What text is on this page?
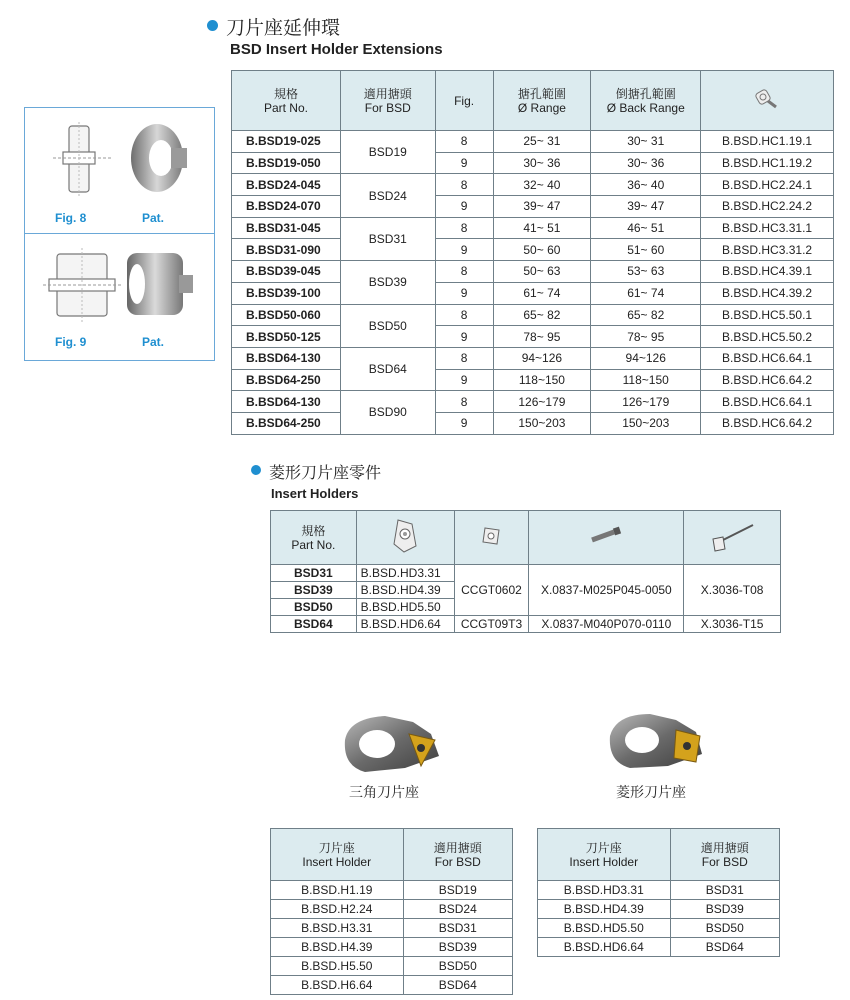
刀片座延伸環
BSD Insert Holder Extensions
Fig. 8	Pat.
Fig. 9	Pat.
規格
Part No.	適用搪頭
For BSD	Fig.	搪孔範圍
Ø Range	倒搪孔範圍
Ø Back Range	
B.BSD19-025	BSD19	8	25~ 31	30~ 31	B.BSD.HC1.19.1
B.BSD19-050		9	30~ 36	30~ 36	B.BSD.HC1.19.2
B.BSD24-045	BSD24	8	32~ 40	36~ 40	B.BSD.HC2.24.1
B.BSD24-070		9	39~ 47	39~ 47	B.BSD.HC2.24.2
B.BSD31-045	BSD31	8	41~ 51	46~ 51	B.BSD.HC3.31.1
B.BSD31-090		9	50~ 60	51~ 60	B.BSD.HC3.31.2
B.BSD39-045	BSD39	8	50~ 63	53~ 63	B.BSD.HC4.39.1
B.BSD39-100		9	61~ 74	61~ 74	B.BSD.HC4.39.2
B.BSD50-060	BSD50	8	65~ 82	65~ 82	B.BSD.HC5.50.1
B.BSD50-125		9	78~ 95	78~ 95	B.BSD.HC5.50.2
B.BSD64-130	BSD64	8	94~126	94~126	B.BSD.HC6.64.1
B.BSD64-250		9	118~150	118~150	B.BSD.HC6.64.2
B.BSD64-130	BSD90	8	126~179	126~179	B.BSD.HC6.64.1
B.BSD64-250		9	150~203	150~203	B.BSD.HC6.64.2
菱形刀片座零件
Insert Holders
規格
Part No.				
BSD31	B.BSD.HD3.31	CCGT0602	X.0837-M025P045-0050	X.3036-T08
BSD39	B.BSD.HD4.39			
BSD50	B.BSD.HD5.50			
BSD64	B.BSD.HD6.64	CCGT09T3	X.0837-M040P070-0110	X.3036-T15
三角刀片座	菱形刀片座
刀片座
Insert Holder	適用搪頭
For BSD
B.BSD.H1.19	BSD19
B.BSD.H2.24	BSD24
B.BSD.H3.31	BSD31
B.BSD.H4.39	BSD39
B.BSD.H5.50	BSD50
B.BSD.H6.64	BSD64
刀片座
Insert Holder	適用搪頭
For BSD
B.BSD.HD3.31	BSD31
B.BSD.HD4.39	BSD39
B.BSD.HD5.50	BSD50
B.BSD.HD6.64	BSD64
